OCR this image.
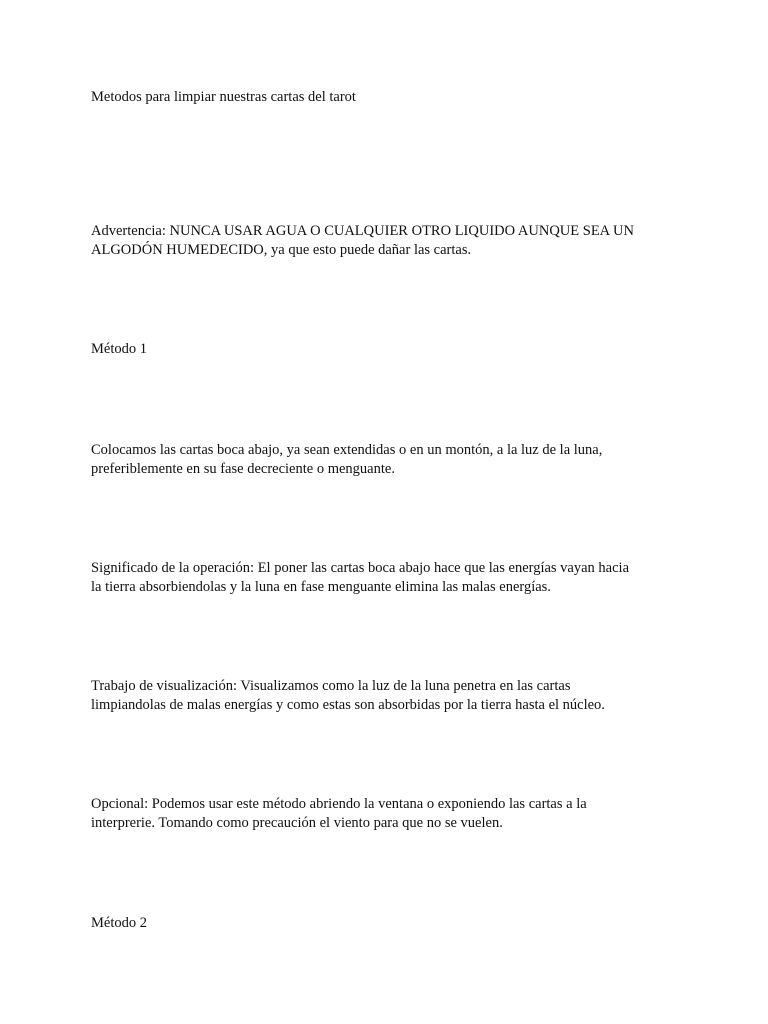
Metodos para limpiar nuestras cartas del tarot

Advertencia: NUNCA USAR AGUA O CUALQUIER OTRO LIQUIDO AUNQUE SEA UN
ALGODÓN HUMEDECIDO, ya que esto puede dañar las cartas.

Método 1

Colocamos las cartas boca abajo, ya sean extendidas o en un montón, a la luz de la luna,
preferiblemente en su fase decreciente o menguante.

Significado de la operación: El poner las cartas boca abajo hace que las energías vayan hacia
la tierra absorbiendolas y la luna en fase menguante elimina las malas energías.

Trabajo de visualización: Visualizamos como la luz de la luna penetra en las cartas
limpiandolas de malas energías y como estas son absorbidas por la tierra hasta el núcleo.

Opcional: Podemos usar este método abriendo la ventana o exponiendo las cartas a la
interprerie. Tomando como precaución el viento para que no se vuelen.

Método 2
